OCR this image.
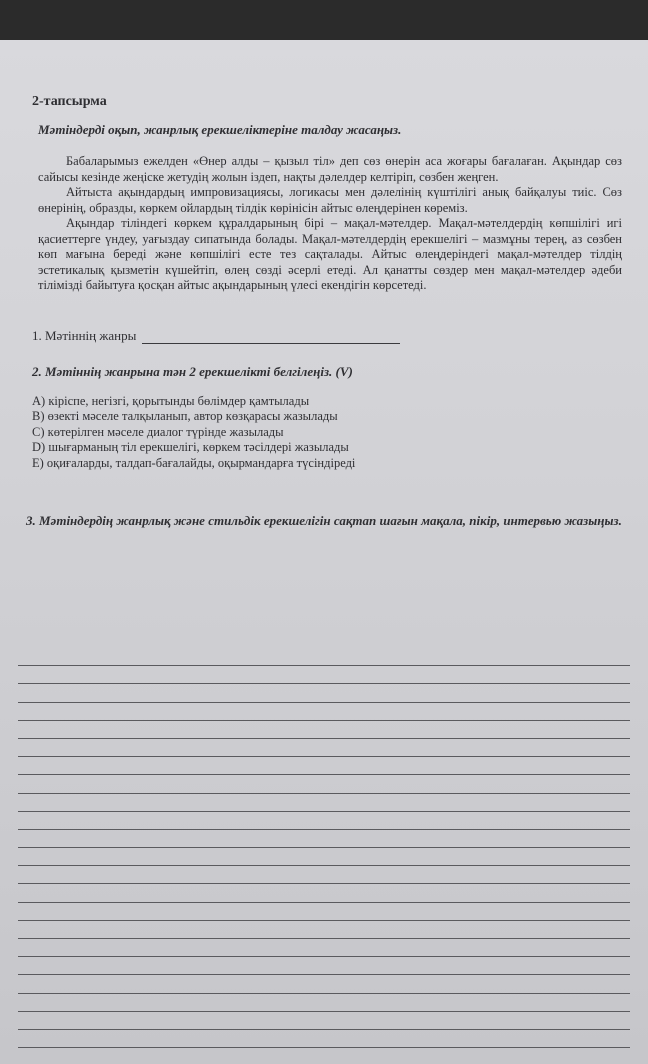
2-тапсырма

Мәтіндерді оқып, жанрлық ерекшеліктеріне талдау жасаңыз.

Бабаларымыз ежелден «Өнер алды – қызыл тіл» деп сөз өнерін аса жоғары бағалаған. Ақындар сөз сайысы кезінде жеңіске жетудің жолын іздеп, нақты дәлелдер келтіріп, сөзбен жеңген.

Айтыста ақындардың импровизациясы, логикасы мен дәлелінің күштілігі анық байқалуы тиіс. Сөз өнерінің, образды, көркем ойлардың тілдік көрінісін айтыс өлеңдерінен көреміз.

Ақындар тіліндегі көркем құралдарының бірі – мақал-мәтелдер. Мақал-мәтелдердің көпшілігі игі қасиеттерге үндеу, уағыздау сипатында болады. Мақал-мәтелдердің ерекшелігі – мазмұны терең, аз сөзбен көп мағына береді және көпшілігі есте тез сақталады. Айтыс өлеңдеріндегі мақал-мәтелдер тілдің эстетикалық қызметін күшейтіп, өлең сөзді әсерлі етеді. Ал қанатты сөздер мен мақал-мәтелдер әдеби тілімізді байытуға қосқан айтыс ақындарының үлесі екендігін көрсетеді.

1. Мәтіннің жанры

2. Мәтіннің жанрына тән 2 ерекшелікті белгілеңіз. (V)

А) кіріспе, негізгі, қорытынды бөлімдер қамтылады

В) өзекті мәселе талқыланып, автор көзқарасы жазылады

С) көтерілген мәселе диалог түрінде жазылады

D) шығарманың тіл ерекшелігі, көркем тәсілдері жазылады

Е) оқиғаларды, талдап-бағалайды, оқырмандарға түсіндіреді

3. Мәтіндердің жанрлық және стильдік ерекшелігін сақтап шағын мақала, пікір, интервью жазыңыз.
